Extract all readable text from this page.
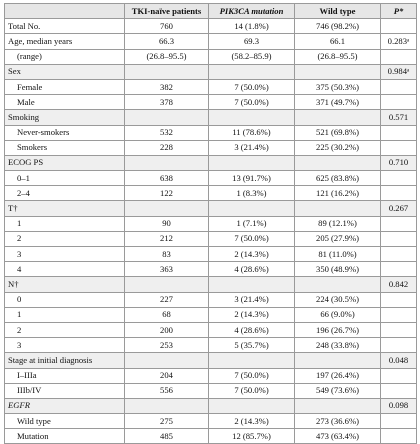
	TKI-naïve patients	PIK3CA mutation	Wild type	P*
Total No.	760	14 (1.8%)	746 (98.2%)	
Age, median years	66.3	69.3	66.1	0.283ᵃ
(range)	(26.8–95.5)	(58.2–85.9)	(26.8–95.5)	
Sex				0.984ᵃ
Female	382	7 (50.0%)	375 (50.3%)	
Male	378	7 (50.0%)	371 (49.7%)	
Smoking				0.571
Never-smokers	532	11 (78.6%)	521 (69.8%)	
Smokers	228	3 (21.4%)	225 (30.2%)	
ECOG PS				0.710
0–1	638	13 (91.7%)	625 (83.8%)	
2–4	122	1 (8.3%)	121 (16.2%)	
T†				0.267
1	90	1 (7.1%)	89 (12.1%)	
2	212	7 (50.0%)	205 (27.9%)	
3	83	2 (14.3%)	81 (11.0%)	
4	363	4 (28.6%)	350 (48.9%)	
N†				0.842
0	227	3 (21.4%)	224 (30.5%)	
1	68	2 (14.3%)	66 (9.0%)	
2	200	4 (28.6%)	196 (26.7%)	
3	253	5 (35.7%)	248 (33.8%)	
Stage at initial diagnosis				0.048
I–IIIa	204	7 (50.0%)	197 (26.4%)	
IIIb/IV	556	7 (50.0%)	549 (73.6%)	
EGFR				0.098
Wild type	275	2 (14.3%)	273 (36.6%)	
Mutation	485	12 (85.7%)	473 (63.4%)	
